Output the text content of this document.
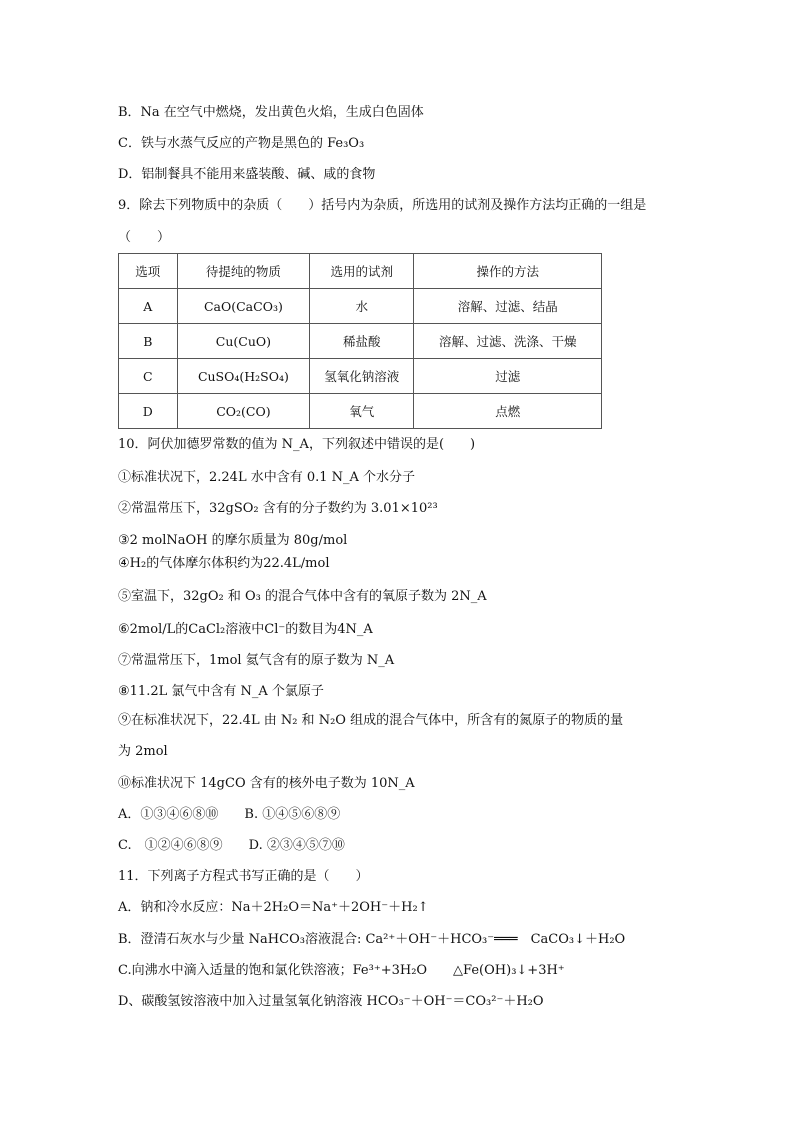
B．Na 在空气中燃烧，发出黄色火焰，生成白色固体
C．铁与水蒸气反应的产物是黑色的 Fe₃O₃
D．铝制餐具不能用来盛装酸、碱、咸的食物
9．除去下列物质中的杂质（　　）括号内为杂质，所选用的试剂及操作方法均正确的一组是
（　　）
选项	待提纯的物质	选用的试剂	操作的方法
A	CaO(CaCO₃)	水	溶解、过滤、结晶
B	Cu(CuO)	稀盐酸	溶解、过滤、洗涤、干燥
C	CuSO₄(H₂SO₄)	氢氧化钠溶液	过滤
D	CO₂(CO)	氧气	点燃
10．阿伏加德罗常数的值为 N_A，下列叙述中错误的是(　　)
①标准状况下，2.24L 水中含有 0.1 N_A 个水分子
②常温常压下，32gSO₂ 含有的分子数约为 3.01×10²³
③2 molNaOH 的摩尔质量为 80g/mol
④H₂的气体摩尔体积约为22.4L/mol
⑤室温下，32gO₂ 和 O₃ 的混合气体中含有的氧原子数为 2N_A
⑥2mol/L的CaCl₂溶液中Cl⁻的数目为4N_A
⑦常温常压下，1mol 氦气含有的原子数为 N_A
⑧11.2L 氯气中含有 N_A 个氯原子
⑨在标准状况下，22.4L 由 N₂ 和 N₂O 组成的混合气体中，所含有的氮原子的物质的量
为 2mol
⑩标准状况下 14gCO 含有的核外电子数为 10N_A
A．①③④⑥⑧⑩　　B. ①④⑤⑥⑧⑨
C.　①②④⑥⑧⑨　　D. ②③④⑤⑦⑩
11．下列离子方程式书写正确的是（　　）
A．钠和冷水反应：Na＋2H₂O＝Na⁺＋2OH⁻＋H₂↑
B．澄清石灰水与少量 NaHCO₃溶液混合: Ca²⁺＋OH⁻＋HCO₃⁻═══　CaCO₃↓＋H₂O
C.向沸水中滴入适量的饱和氯化铁溶液；Fe³⁺+3H₂O　　△Fe(OH)₃↓+3H⁺
D、碳酸氢铵溶液中加入过量氢氧化钠溶液 HCO₃⁻＋OH⁻＝CO₃²⁻＋H₂O
